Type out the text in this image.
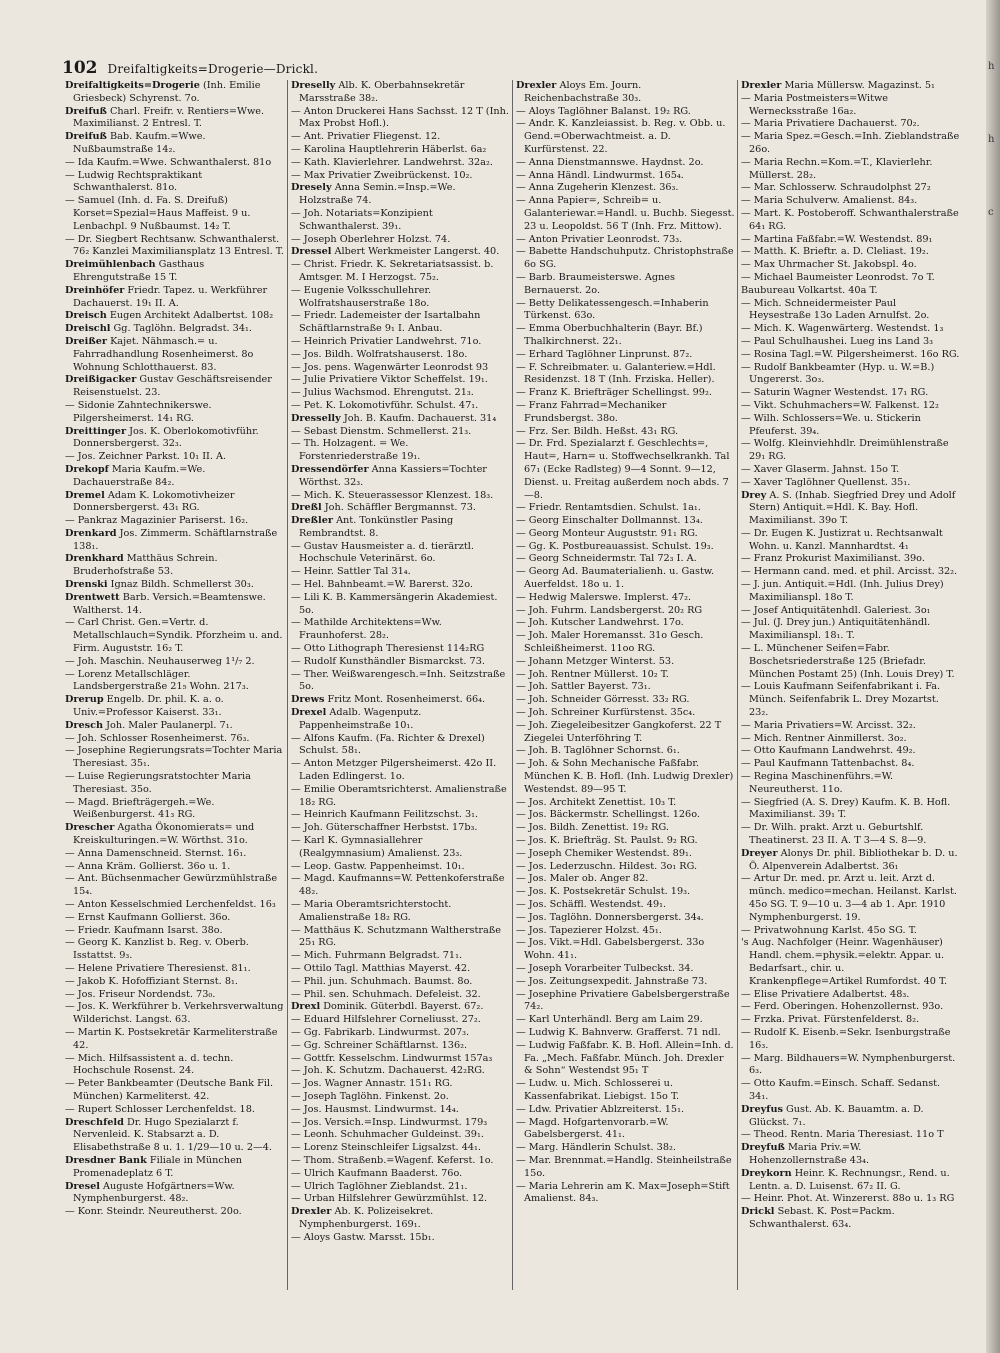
102 Dreifaltigkeits=Drogerie—Drickl.
Dreifaltigkeits=Drogerie (Inh. Emilie Griesbeck) Schyrenst. 7o.
Dreifuß Charl. Freifr. v. Rentiers=Wwe. Maximilianst. 2 Entresl. T.
Dreifuß Bab. Kaufm.=Wwe. Nußbaumstraße 14₂.
— Ida Kaufm.=Wwe. Schwanthalerst. 81o
— Ludwig Rechtspraktikant Schwanthalerst. 81o.
— Samuel (Inh. d. Fa. S. Dreifuß) Korset=Spezial=Haus Maffeist. 9 u. Lenbachpl. 9 Nußbaumst. 14₂ T.
— Dr. Siegbert Rechtsanw. Schwanthalerst. 76₂ Kanzlei Maximiliansplatz 13 Entresl. T.
Dreimühlenbach Gasthaus Ehrengutstraße 15 T.
Dreinhöfer Friedr. Tapez. u. Werkführer Dachauerst. 19₁ II. A.
Dreisch Eugen Architekt Adalbertst. 108₂
Dreischl Gg. Taglöhn. Belgradst. 34₁.
Dreißer Kajet. Nähmasch.= u. Fahrradhandlung Rosenheimerst. 8o Wohnung Schlotthauerst. 83.
Dreißigacker Gustav Geschäftsreisender Reisenstuelst. 23.
— Sidonie Zahntechnikerswe. Pilgersheimerst. 14₁ RG.
Dreittinger Jos. K. Oberlokomotivführ. Donnersbergerst. 32₃.
— Jos. Zeichner Parkst. 10₁ II. A.
Drekopf Maria Kaufm.=We. Dachauerstraße 84₂.
Dremel Adam K. Lokomotivheizer Donnersbergerst. 43₁ RG.
— Pankraz Magazinier Pariserst. 16₂.
Drenkard Jos. Zimmerm. Schäftlarnstraße 138₁.
Drenkhard Matthäus Schrein. Bruderhofstraße 53.
Drenski Ignaz Bildh. Schmellerst 30₃.
Drentwett Barb. Versich.=Beamtenswe. Waltherst. 14.
— Carl Christ. Gen.=Vertr. d. Metallschlauch=Syndik. Pforzheim u. and. Firm. Auguststr. 16₂ T.
— Joh. Maschin. Neuhauserweg 1¹/₇ 2.
— Lorenz Metallschläger. Landsbergerstraße 21₅ Wohn. 217₃.
Drerup Engelb. Dr. phil. K. a. o. Univ.=Professor Kaiserst. 33₁.
Dresch Joh. Maler Paulanerpl. 7₁.
— Joh. Schlosser Rosenheimerst. 76₃.
— Josephine Regierungsrats=Tochter Maria Theresiast. 35₁.
— Luise Regierungsratstochter Maria Theresiast. 35o.
— Magd. Briefträgergeh.=We. Weißenburgerst. 41₃ RG.
Drescher Agatha Ökonomierats= und Kreiskulturingen.=W. Wörthst. 31o.
— Anna Damenschneid. Sternst. 16₁.
— Anna Kräm. Gollierst. 36o u. 1.
— Ant. Büchsenmacher Gewürzmühlstraße 15₄.
— Anton Kesselschmied Lerchenfeldst. 16₃
— Ernst Kaufmann Gollierst. 36o.
— Friedr. Kaufmann Isarst. 38o.
— Georg K. Kanzlist b. Reg. v. Oberb. Isstattst. 9₃.
— Helene Privatiere Theresienst. 81₁.
— Jakob K. Hofoffiziant Sternst. 8₁.
— Jos. Friseur Nordendst. 73₀.
— Jos. K. Werkführer b. Verkehrsverwaltung Wilderichst. Langst. 63.
— Martin K. Postsekretär Karmeliterstraße 42.
— Mich. Hilfsassistent a. d. techn. Hochschule Rosenst. 24.
— Peter Bankbeamter (Deutsche Bank Fil. München) Karmeliterst. 42.
— Rupert Schlosser Lerchenfeldst. 18.
Dreschfeld Dr. Hugo Spezialarzt f. Nervenleid. K. Stabsarzt a. D. Elisabethstraße 8 u. 1. 1/29—10 u. 2—4.
Dresdner Bank Filiale in München Promenadeplatz 6 T.
Dresel Auguste Hofgärtners=Ww. Nymphenburgerst. 48₂.
— Konr. Steindr. Neureutherst. 20o.
Dreselly Alb. K. Oberbahnsekretär Marsstraße 38₂.
— Anton Druckerei Hans Sachsst. 12 T (Inh. Max Probst Hofl.).
— Ant. Privatier Fliegenst. 12.
— Karolina Hauptlehrerin Häberlst. 6a₂
— Kath. Klavierlehrer. Landwehrst. 32a₂.
— Max Privatier Zweibrückenst. 10₂.
Dresely Anna Semin.=Insp.=We. Holzstraße 74.
— Joh. Notariats=Konzipient Schwanthalerst. 39₁.
— Joseph Oberlehrer Holzst. 74.
Dressel Albert Werkmeister Langerst. 40.
— Christ. Friedr. K. Sekretariatsassist. b. Amtsger. M. I Herzogst. 75₂.
— Eugenie Volksschullehrer. Wolfratshauserstraße 18o.
— Friedr. Lademeister der Isartalbahn Schäftlarnstraße 9₁ I. Anbau.
— Heinrich Privatier Landwehrst. 71o.
— Jos. Bildh. Wolfratshauserst. 18o.
— Jos. pens. Wagenwärter Leonrodst 93
— Julie Privatiere Viktor Scheffelst. 19₁.
— Julius Wachsmod. Ehrengutst. 21₃.
— Pet. K. Lokomotivführ. Schulst. 47₁.
Dresselly Joh. B. Kaufm. Dachauerst. 31₄
— Sebast Dienstm. Schmellerst. 21₃.
— Th. Holzagent. = We. Forstenriederstraße 19₁.
Dressendörfer Anna Kassiers=Tochter Wörthst. 32₃.
— Mich. K. Steuerassessor Klenzest. 18₃.
Dreßl Joh. Schäffler Bergmannst. 73.
Dreßler Ant. Tonkünstler Pasing Rembrandtst. 8.
— Gustav Hausmeister a. d. tierärztl. Hochschule Veterinärst. 6o.
— Heinr. Sattler Tal 31₄.
— Hel. Bahnbeamt.=W. Barerst. 32o.
— Lili K. B. Kammersängerin Akademiest. 5o.
— Mathilde Architektens=Ww. Fraunhoferst. 28₂.
— Otto Lithograph Theresienst 114₂RG
— Rudolf Kunsthändler Bismarckst. 73.
— Ther. Weißwarengesch.=Inh. Seitzstraße 5o.
Drews Fritz Mont. Rosenheimerst. 66₄.
Drexel Adalb. Wagenputz. Pappenheimstraße 10₁.
— Alfons Kaufm. (Fa. Richter & Drexel) Schulst. 58₁.
— Anton Metzger Pilgersheimerst. 42o II. Laden Edlingerst. 1o.
— Emilie Oberamtsrichterst. Amalienstraße 18₂ RG.
— Heinrich Kaufmann Feilitzschst. 3₁.
— Joh. Güterschaffner Herbstst. 17b₃.
— Karl K. Gymnasiallehrer (Realgymnasium) Amalienst. 23₃.
— Leop. Gastw. Pappenheimst. 10₁.
— Magd. Kaufmanns=W. Pettenkoferstraße 48₂.
— Maria Oberamtsrichterstocht. Amalienstraße 18₂ RG.
— Matthäus K. Schutzmann Waltherstraße 25₁ RG.
— Mich. Fuhrmann Belgradst. 71₁.
— Ottilo Tagl. Matthias Mayerst. 42.
— Phil. jun. Schuhmach. Baumst. 8o.
— Phil. sen. Schuhmach. Defeleist. 32.
Drexl Dominik. Güterbdl. Bayerst. 67₂.
— Eduard Hilfslehrer Corneliusst. 27₂.
— Gg. Fabrikarb. Lindwurmst. 207₃.
— Gg. Schreiner Schäftlarnst. 136₂.
— Gottfr. Kesselschm. Lindwurmst 157a₃
— Joh. K. Schutzm. Dachauerst. 42₂RG.
— Jos. Wagner Annastr. 151₁ RG.
— Joseph Taglöhn. Finkenst. 2o.
— Jos. Hausmst. Lindwurmst. 14₄.
— Jos. Versich.=Insp. Lindwurmst. 179₃
— Leonh. Schuhmacher Guldeinst. 39₁.
— Lorenz Steinschleifer Ligsalzst. 44₁.
— Thom. Straßenb.=Wagenf. Keferst. 1o.
— Ulrich Kaufmann Baaderst. 76o.
— Ulrich Taglöhner Zieblandst. 21₁.
— Urban Hilfslehrer Gewürzmühlst. 12.
Drexler Ab. K. Polizeisekret. Nymphenburgerst. 169₁.
— Aloys Gastw. Marsst. 15b₁.
Drexler Aloys Em. Journ. Reichenbachstraße 30₃.
— Aloys Taglöhner Balanst. 19₂ RG.
— Andr. K. Kanzleiassist. b. Reg. v. Obb. u. Gend.=Oberwachtmeist. a. D. Kurfürstenst. 22.
— Anna Dienstmannswe. Haydnst. 2o.
— Anna Händl. Lindwurmst. 165₄.
— Anna Zugeherin Klenzest. 36₃.
— Anna Papier=, Schreib= u. Galanteriewar.=Handl. u. Buchb. Siegesst. 23 u. Leopoldst. 56 T (Inh. Frz. Mittow).
— Anton Privatier Leonrodst. 73₃.
— Babette Handschuhputz. Christophstraße 6o SG.
— Barb. Braumeisterswe. Agnes Bernauerst. 2o.
— Betty Delikatessengesch.=Inhaberin Türkenst. 63o.
— Emma Oberbuchhalterin (Bayr. Bf.) Thalkirchnerst. 22₁.
— Erhard Taglöhner Linprunst. 87₂.
— F. Schreibmater. u. Galanteriew.=Hdl. Residenzst. 18 T (Inh. Frziska. Heller).
— Franz K. Briefträger Schellingst. 99₂.
— Franz Fahrrad=Mechaniker Frundsbergst. 38o.
— Frz. Ser. Bildh. Heßst. 43₁ RG.
— Dr. Frd. Spezialarzt f. Geschlechts=, Haut=, Harn= u. Stoffwechselkrankh. Tal 67₁ (Ecke Radlsteg) 9—4 Sonnt. 9—12, Dienst. u. Freitag außerdem noch abds. 7—8.
— Friedr. Rentamtsdien. Schulst. 1a₁.
— Georg Einschalter Dollmannst. 13₄.
— Georg Monteur Auguststr. 91₁ RG.
— Gg. K. Postbureauassist. Schulst. 19₃.
— Georg Schneidermstr. Tal 72₃ I. A.
— Georg Ad. Baumaterialienh. u. Gastw. Auerfeldst. 18o u. 1.
— Hedwig Malerswe. Implerst. 47₂.
— Joh. Fuhrm. Landsbergerst. 20₂ RG
— Joh. Kutscher Landwehrst. 17o.
— Joh. Maler Horemansst. 31o Gesch. Schleißheimerst. 11oo RG.
— Johann Metzger Winterst. 53.
— Joh. Rentner Müllerst. 10₂ T.
— Joh. Sattler Bayerst. 73₁.
— Joh. Schneider Görresst. 33₂ RG.
— Joh. Schreiner Kurfürstenst. 35c₄.
— Joh. Ziegeleibesitzer Gangkoferst. 22 T Ziegelei Unterföhring T.
— Joh. B. Taglöhner Schornst. 6₁.
— Joh. & Sohn Mechanische Faßfabr. München K. B. Hofl. (Inh. Ludwig Drexler) Westendst. 89—95 T.
— Jos. Architekt Zenettist. 10₃ T.
— Jos. Bäckermstr. Schellingst. 126o.
— Jos. Bildh. Zenettist. 19₂ RG.
— Jos. K. Briefträg. St. Paulst. 9₂ RG.
— Joseph Chemiker Westendst. 89₁.
— Jos. Lederzuschn. Hildest. 3o₁ RG.
— Jos. Maler ob. Anger 82.
— Jos. K. Postsekretär Schulst. 19₃.
— Jos. Schäffl. Westendst. 49₁.
— Jos. Taglöhn. Donnersbergerst. 34₄.
— Jos. Tapezierer Holzst. 45₁.
— Jos. Vikt.=Hdl. Gabelsbergerst. 33o Wohn. 41₁.
— Joseph Vorarbeiter Tulbeckst. 34.
— Jos. Zeitungsexpedit. Jahnstraße 73.
— Josephine Privatiere Gabelsbergerstraße 74₂.
— Karl Unterhändl. Berg am Laim 29.
— Ludwig K. Bahnverw. Grafferst. 71 ndl.
— Ludwig Faßfabr. K. B. Hofl. Allein=Inh. d. Fa. „Mech. Faßfabr. Münch. Joh. Drexler & Sohn“ Westendst 95₁ T
— Ludw. u. Mich. Schlosserei u. Kassenfabrikat. Liebigst. 15o T.
— Ldw. Privatier Ablzreiterst. 15₁.
— Magd. Hofgartenvorarb.=W. Gabelsbergerst. 41₁.
— Marg. Händlerin Schulst. 38₂.
— Mar. Brennmat.=Handlg. Steinheilstraße 15o.
— Maria Lehrerin am K. Max=Joseph=Stift Amalienst. 84₃.
Drexler Maria Müllersw. Magazinst. 5₁
— Maria Postmeisters=Witwe Wernecksstraße 16a₂.
— Maria Privatiere Dachauerst. 70₂.
— Maria Spez.=Gesch.=Inh. Zieblandstraße 26o.
— Maria Rechn.=Kom.=T., Klavierlehr. Müllerst. 28₂.
— Mar. Schlosserw. Schraudolphst 27₂
— Maria Schulverw. Amalienst. 84₃.
— Mart. K. Postoberoff. Schwanthalerstraße 64₁ RG.
— Martina Faßfabr.=W. Westendst. 89₁
— Matth. K. Brieftr. a. D. Cleliast. 19₂.
— Max Uhrmacher St. Jakobspl. 4o.
— Michael Baumeister Leonrodst. 7o T.
Baubureau Volkartst. 40a T.
— Mich. Schneidermeister Paul Heysestraße 13o Laden Arnulfst. 2o.
— Mich. K. Wagenwärterg. Westendst. 1₃
— Paul Schulhaushei. Lueg ins Land 3₃
— Rosina Tagl.=W. Pilgersheimerst. 16o RG.
— Rudolf Bankbeamter (Hyp. u. W.=B.) Ungererst. 3o₃.
— Saturin Wagner Westendst. 17₁ RG.
— Vikt. Schuhmachers=W. Falkenst. 12₂
— Wilh. Schlossers=We. u. Stickerin Pfeuferst. 39₄.
— Wolfg. Kleinviehhdlr. Dreimühlenstraße 29₁ RG.
— Xaver Glaserm. Jahnst. 15o T.
— Xaver Taglöhner Quellenst. 35₁.
Drey A. S. (Inhab. Siegfried Drey und Adolf Stern) Antiquit.=Hdl. K. Bay. Hofl. Maximilianst. 39o T.
— Dr. Eugen K. Justizrat u. Rechtsanwalt Wohn. u. Kanzl. Mannhardtst. 4₁
— Franz Prokurist Maximilianst. 39o.
— Hermann cand. med. et phil. Arcisst. 32₂.
— J. jun. Antiquit.=Hdl. (Inh. Julius Drey) Maximilianspl. 18o T.
— Josef Antiquitätenhdl. Galeriest. 3o₁
— Jul. (J. Drey jun.) Antiquitätenhändl. Maximilianspl. 18₁. T.
— L. Münchener Seifen=Fabr. Boschetsriederstraße 125 (Briefadr. München Postamt 25) (Inh. Louis Drey) T.
— Louis Kaufmann Seifenfabrikant i. Fa. Münch. Seifenfabrik L. Drey Mozartst. 23₂.
— Maria Privatiers=W. Arcisst. 32₂.
— Mich. Rentner Ainmillerst. 3o₂.
— Otto Kaufmann Landwehrst. 49₂.
— Paul Kaufmann Tattenbachst. 8₄.
— Regina Maschinenführs.=W. Neureutherst. 11o.
— Siegfried (A. S. Drey) Kaufm. K. B. Hofl. Maximilianst. 39₁ T.
— Dr. Wilh. prakt. Arzt u. Geburtshlf. Theatinerst. 23 II. A. T 3—4 S. 8—9.
Dreyer Alonys Dr. phil. Bibliothekar b. D. u. Ö. Alpenverein Adalbertst. 36₁
— Artur Dr. med. pr. Arzt u. leit. Arzt d. münch. medico=mechan. Heilanst. Karlst. 45o SG. T. 9—10 u. 3—4 ab 1. Apr. 1910 Nymphenburgerst. 19.
— Privatwohnung Karlst. 45o SG. T.
's Aug. Nachfolger (Heinr. Wagenhäuser) Handl. chem.=physik.=elektr. Appar. u. Bedarfsart., chir. u. Krankenpflege=Artikel Rumfordst. 40 T.
— Elise Privatiere Adalbertst. 48₃.
— Ferd. Oberingen. Hohenzollernst. 93o.
— Frzka. Privat. Fürstenfelderst. 8₂.
— Rudolf K. Eisenb.=Sekr. Isenburgstraße 16₃.
— Marg. Bildhauers=W. Nymphenburgerst. 6₃.
— Otto Kaufm.=Einsch. Schaff. Sedanst. 34₁.
Dreyfus Gust. Ab. K. Bauamtm. a. D. Glückst. 7₁.
— Theod. Rentn. Maria Theresiast. 11o T
Dreyfuß Maria Priv.=W. Hohenzollernstraße 43₄.
Dreykorn Heinr. K. Rechnungsr., Rend. u. Lentn. a. D. Luisenst. 67₂ II. G.
— Heinr. Phot. At. Winzererst. 88o u. 1₃ RG
Drickl Sebast. K. Post=Packm. Schwanthalerst. 63₄.
h
h
c
